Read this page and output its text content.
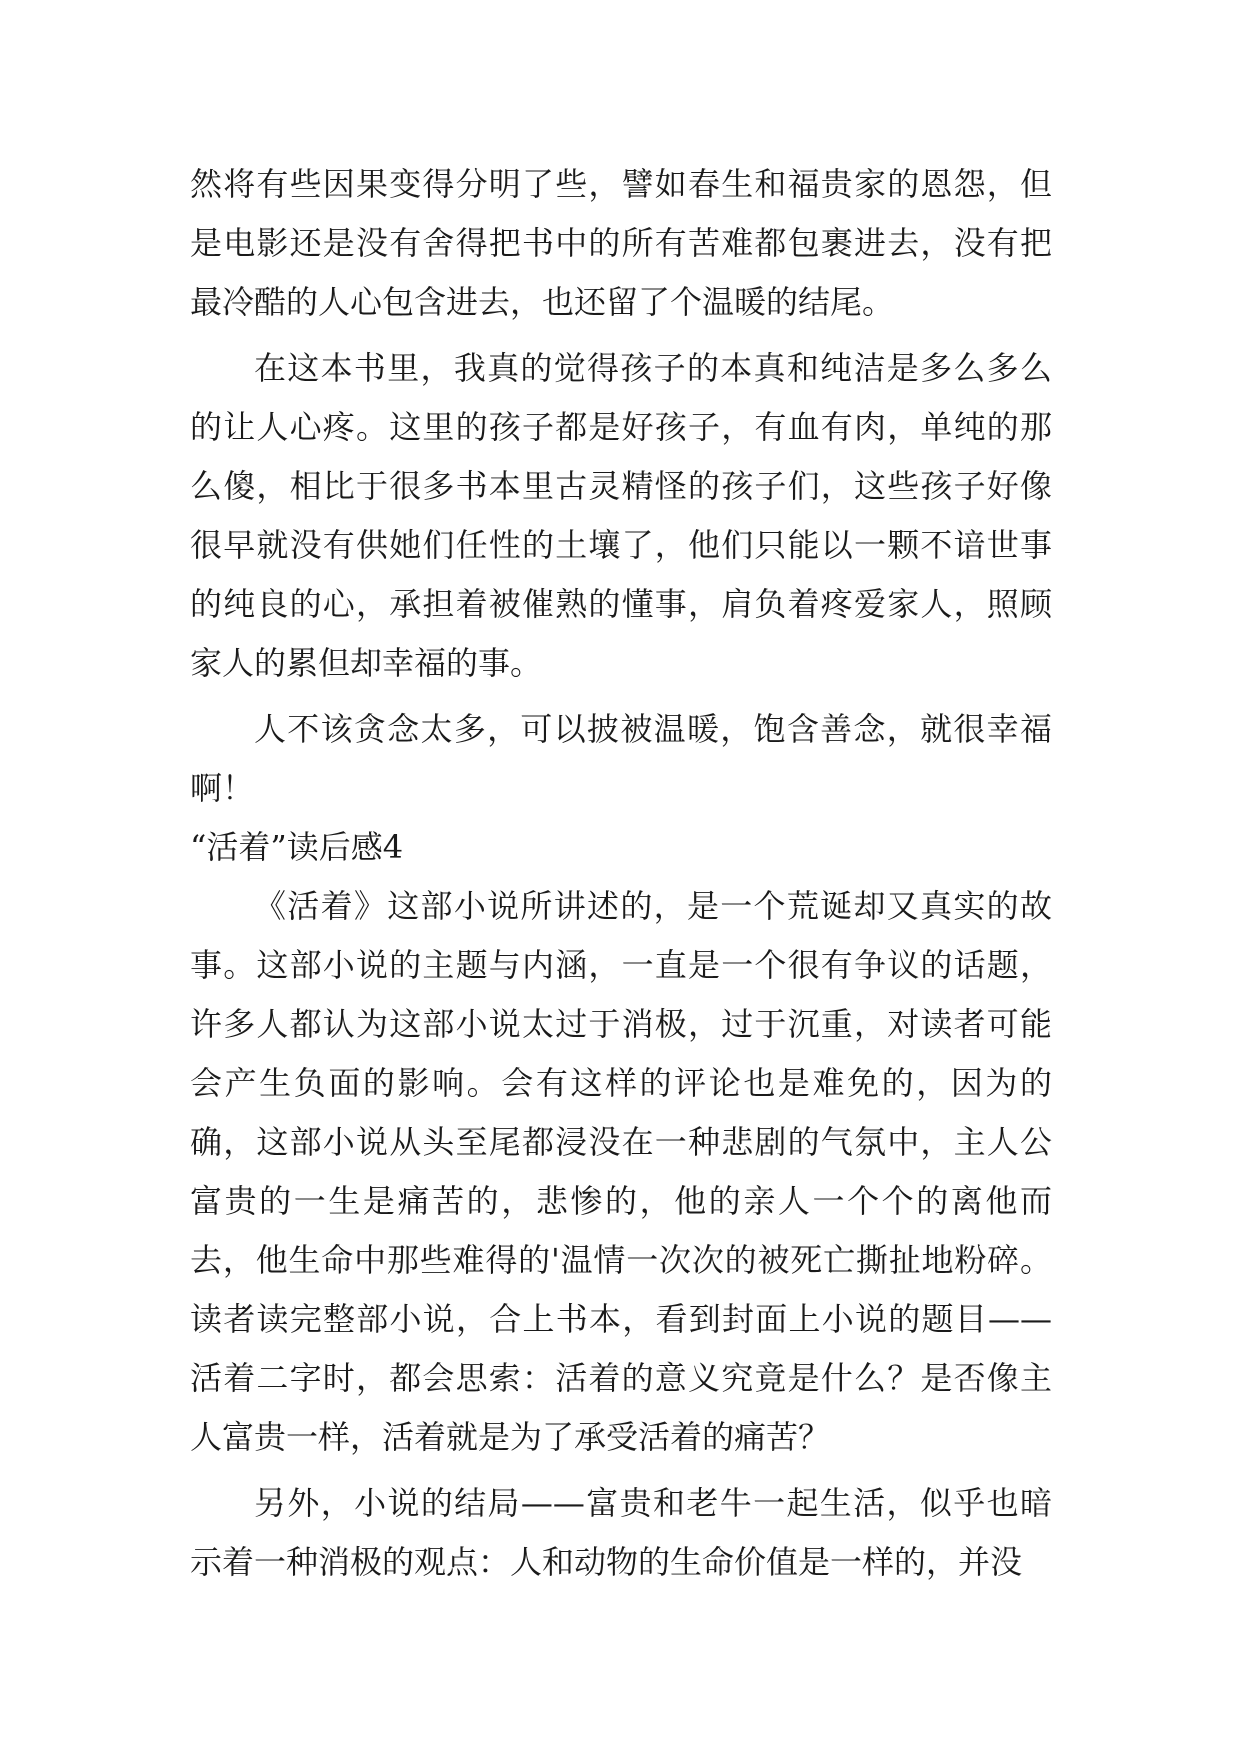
然将有些因果变得分明了些，譬如春生和福贵家的恩怨，但是电影还是没有舍得把书中的所有苦难都包裹进去，没有把最冷酷的人心包含进去，也还留了个温暖的结尾。

在这本书里，我真的觉得孩子的本真和纯洁是多么多么的让人心疼。这里的孩子都是好孩子，有血有肉，单纯的那么傻，相比于很多书本里古灵精怪的孩子们，这些孩子好像很早就没有供她们任性的土壤了，他们只能以一颗不谙世事的纯良的心，承担着被催熟的懂事，肩负着疼爱家人，照顾家人的累但却幸福的事。

人不该贪念太多，可以披被温暖，饱含善念，就很幸福啊！

“活着”读后感4

《活着》这部小说所讲述的，是一个荒诞却又真实的故事。这部小说的主题与内涵，一直是一个很有争议的话题，许多人都认为这部小说太过于消极，过于沉重，对读者可能会产生负面的影响。会有这样的评论也是难免的，因为的确，这部小说从头至尾都浸没在一种悲剧的气氛中，主人公富贵的一生是痛苦的，悲惨的，他的亲人一个个的离他而去，他生命中那些难得的'温情一次次的被死亡撕扯地粉碎。读者读完整部小说，合上书本，看到封面上小说的题目——活着二字时，都会思索：活着的意义究竟是什么？是否像主人富贵一样，活着就是为了承受活着的痛苦？

另外，小说的结局——富贵和老牛一起生活，似乎也暗示着一种消极的观点：人和动物的生命价值是一样的，并没
